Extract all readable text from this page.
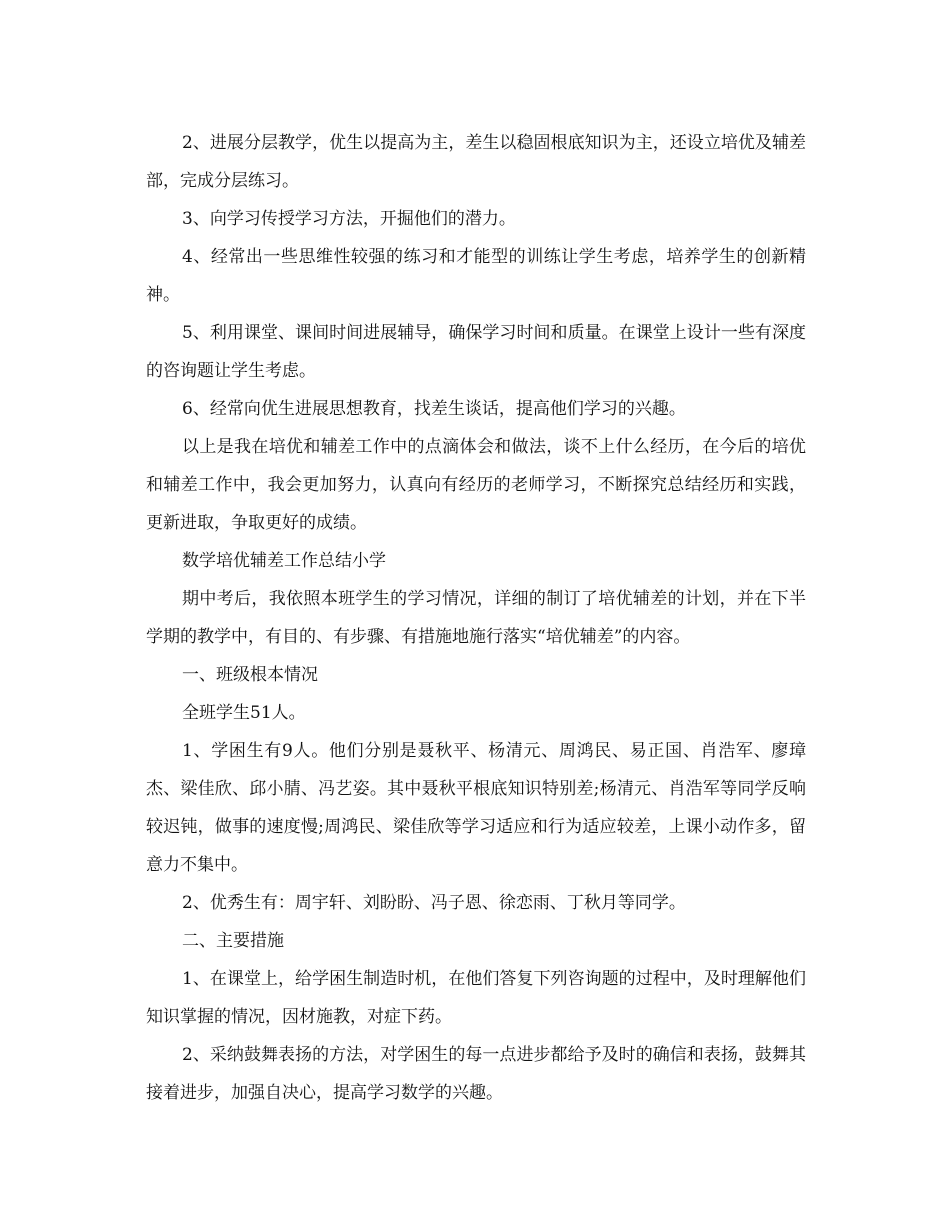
2、进展分层教学，优生以提高为主，差生以稳固根底知识为主，还设立培优及辅差部，完成分层练习。

3、向学习传授学习方法，开掘他们的潜力。

4、经常出一些思维性较强的练习和才能型的训练让学生考虑，培养学生的创新精神。

5、利用课堂、课间时间进展辅导，确保学习时间和质量。在课堂上设计一些有深度的咨询题让学生考虑。

6、经常向优生进展思想教育，找差生谈话，提高他们学习的兴趣。

以上是我在培优和辅差工作中的点滴体会和做法，谈不上什么经历，在今后的培优和辅差工作中，我会更加努力，认真向有经历的老师学习，不断探究总结经历和实践，更新进取，争取更好的成绩。

数学培优辅差工作总结小学

期中考后，我依照本班学生的学习情况，详细的制订了培优辅差的计划，并在下半学期的教学中，有目的、有步骤、有措施地施行落实“培优辅差”的内容。

一、班级根本情况

全班学生51人。

1、学困生有9人。他们分别是聂秋平、杨清元、周鸿民、易正国、肖浩军、廖璋杰、梁佳欣、邱小腈、冯艺姿。其中聂秋平根底知识特别差;杨清元、肖浩军等同学反响较迟钝，做事的速度慢;周鸿民、梁佳欣等学习适应和行为适应较差，上课小动作多，留意力不集中。

2、优秀生有：周宇轩、刘盼盼、冯子恩、徐恋雨、丁秋月等同学。

二、主要措施

1、在课堂上，给学困生制造时机，在他们答复下列咨询题的过程中，及时理解他们知识掌握的情况，因材施教，对症下药。

2、采纳鼓舞表扬的方法，对学困生的每一点进步都给予及时的确信和表扬，鼓舞其接着进步，加强自决心，提高学习数学的兴趣。
